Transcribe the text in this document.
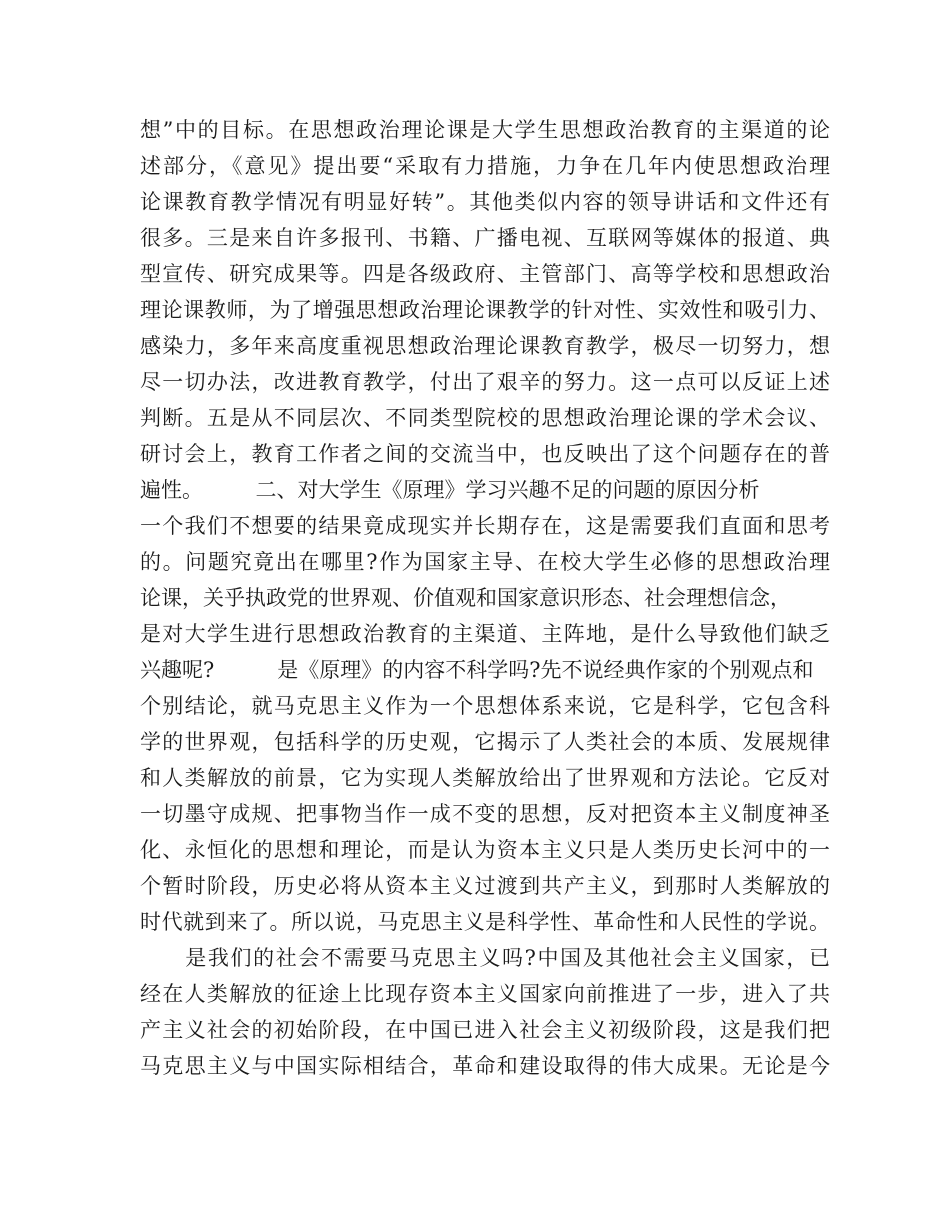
想”中的目标。在思想政治理论课是大学生思想政治教育的主渠道的论
述部分，《意见》提出要“采取有力措施，力争在几年内使思想政治理
论课教育教学情况有明显好转”。其他类似内容的领导讲话和文件还有
很多。三是来自许多报刊、书籍、广播电视、互联网等媒体的报道、典
型宣传、研究成果等。四是各级政府、主管部门、高等学校和思想政治
理论课教师，为了增强思想政治理论课教学的针对性、实效性和吸引力、
感染力，多年来高度重视思想政治理论课教育教学，极尽一切努力，想
尽一切办法，改进教育教学，付出了艰辛的努力。这一点可以反证上述
判断。五是从不同层次、不同类型院校的思想政治理论课的学术会议、
研讨会上，教育工作者之间的交流当中，也反映出了这个问题存在的普
遍性。　　　二、对大学生《原理》学习兴趣不足的问题的原因分析
一个我们不想要的结果竟成现实并长期存在，这是需要我们直面和思考
的。问题究竟出在哪里?作为国家主导、在校大学生必修的思想政治理
论课，关乎执政党的世界观、价值观和国家意识形态、社会理想信念，
是对大学生进行思想政治教育的主渠道、主阵地，是什么导致他们缺乏
兴趣呢?　　　是《原理》的内容不科学吗?先不说经典作家的个别观点和
个别结论，就马克思主义作为一个思想体系来说，它是科学，它包含科
学的世界观，包括科学的历史观，它揭示了人类社会的本质、发展规律
和人类解放的前景，它为实现人类解放给出了世界观和方法论。它反对
一切墨守成规、把事物当作一成不变的思想，反对把资本主义制度神圣
化、永恒化的思想和理论，而是认为资本主义只是人类历史长河中的一
个暂时阶段，历史必将从资本主义过渡到共产主义，到那时人类解放的
时代就到来了。所以说，马克思主义是科学性、革命性和人民性的学说。
　　是我们的社会不需要马克思主义吗?中国及其他社会主义国家，已
经在人类解放的征途上比现存资本主义国家向前推进了一步，进入了共
产主义社会的初始阶段，在中国已进入社会主义初级阶段，这是我们把
马克思主义与中国实际相结合，革命和建设取得的伟大成果。无论是今
